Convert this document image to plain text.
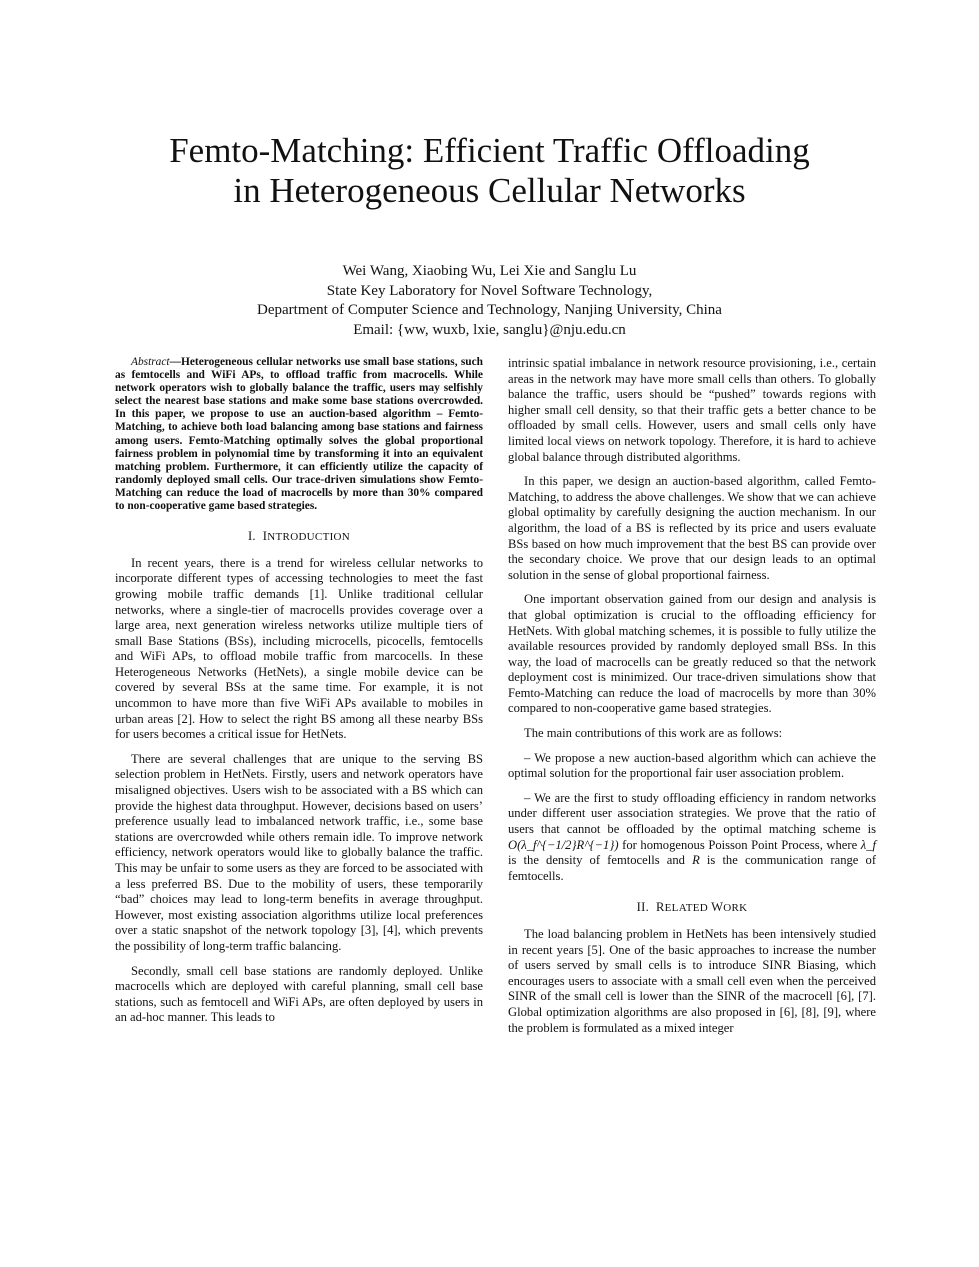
Femto-Matching: Efficient Traffic Offloading
in Heterogeneous Cellular Networks
Wei Wang, Xiaobing Wu, Lei Xie and Sanglu Lu
State Key Laboratory for Novel Software Technology,
Department of Computer Science and Technology, Nanjing University, China
Email: {ww, wuxb, lxie, sanglu}@nju.edu.cn

Abstract—Heterogeneous cellular networks use small base stations, such as femtocells and WiFi APs, to offload traffic from macrocells. While network operators wish to globally balance the traffic, users may selfishly select the nearest base stations and make some base stations overcrowded. In this paper, we propose to use an auction-based algorithm – Femto-Matching, to achieve both load balancing among base stations and fairness among users. Femto-Matching optimally solves the global proportional fairness problem in polynomial time by transforming it into an equivalent matching problem. Furthermore, it can efficiently utilize the capacity of randomly deployed small cells. Our trace-driven simulations show Femto-Matching can reduce the load of macrocells by more than 30% compared to non-cooperative game based strategies.

I. INTRODUCTION

In recent years, there is a trend for wireless cellular networks to incorporate different types of accessing technologies to meet the fast growing mobile traffic demands [1]. Unlike traditional cellular networks, where a single-tier of macrocells provides coverage over a large area, next generation wireless networks utilize multiple tiers of small Base Stations (BSs), including microcells, picocells, femtocells and WiFi APs, to offload mobile traffic from marcocells. In these Heterogeneous Networks (HetNets), a single mobile device can be covered by several BSs at the same time. For example, it is not uncommon to have more than five WiFi APs available to mobiles in urban areas [2]. How to select the right BS among all these nearby BSs for users becomes a critical issue for HetNets.

There are several challenges that are unique to the serving BS selection problem in HetNets. Firstly, users and network operators have misaligned objectives. Users wish to be associated with a BS which can provide the highest data throughput. However, decisions based on users’ preference usually lead to imbalanced network traffic, i.e., some base stations are overcrowded while others remain idle. To improve network efficiency, network operators would like to globally balance the traffic. This may be unfair to some users as they are forced to be associated with a less preferred BS. Due to the mobility of users, these temporarily “bad” choices may lead to long-term benefits in average throughput. However, most existing association algorithms utilize local preferences over a static snapshot of the network topology [3], [4], which prevents the possibility of long-term traffic balancing.

Secondly, small cell base stations are randomly deployed. Unlike macrocells which are deployed with careful planning, small cell base stations, such as femtocell and WiFi APs, are often deployed by users in an ad-hoc manner. This leads to

intrinsic spatial imbalance in network resource provisioning, i.e., certain areas in the network may have more small cells than others. To globally balance the traffic, users should be “pushed” towards regions with higher small cell density, so that their traffic gets a better chance to be offloaded by small cells. However, users and small cells only have limited local views on network topology. Therefore, it is hard to achieve global balance through distributed algorithms.

In this paper, we design an auction-based algorithm, called Femto-Matching, to address the above challenges. We show that we can achieve global optimality by carefully designing the auction mechanism. In our algorithm, the load of a BS is reflected by its price and users evaluate BSs based on how much improvement that the best BS can provide over the secondary choice. We prove that our design leads to an optimal solution in the sense of global proportional fairness.

One important observation gained from our design and analysis is that global optimization is crucial to the offloading efficiency for HetNets. With global matching schemes, it is possible to fully utilize the available resources provided by randomly deployed small BSs. In this way, the load of macrocells can be greatly reduced so that the network deployment cost is minimized. Our trace-driven simulations show that Femto-Matching can reduce the load of macrocells by more than 30% compared to non-cooperative game based strategies.

The main contributions of this work are as follows:

– We propose a new auction-based algorithm which can achieve the optimal solution for the proportional fair user association problem.

– We are the first to study offloading efficiency in random networks under different user association strategies. We prove that the ratio of users that cannot be offloaded by the optimal matching scheme is O(λ_f^{−1/2}R^{−1}) for homogenous Poisson Point Process, where λ_f is the density of femtocells and R is the communication range of femtocells.

II. RELATED WORK

The load balancing problem in HetNets has been intensively studied in recent years [5]. One of the basic approaches to increase the number of users served by small cells is to introduce SINR Biasing, which encourages users to associate with a small cell even when the perceived SINR of the small cell is lower than the SINR of the macrocell [6], [7]. Global optimization algorithms are also proposed in [6], [8], [9], where the problem is formulated as a mixed integer
